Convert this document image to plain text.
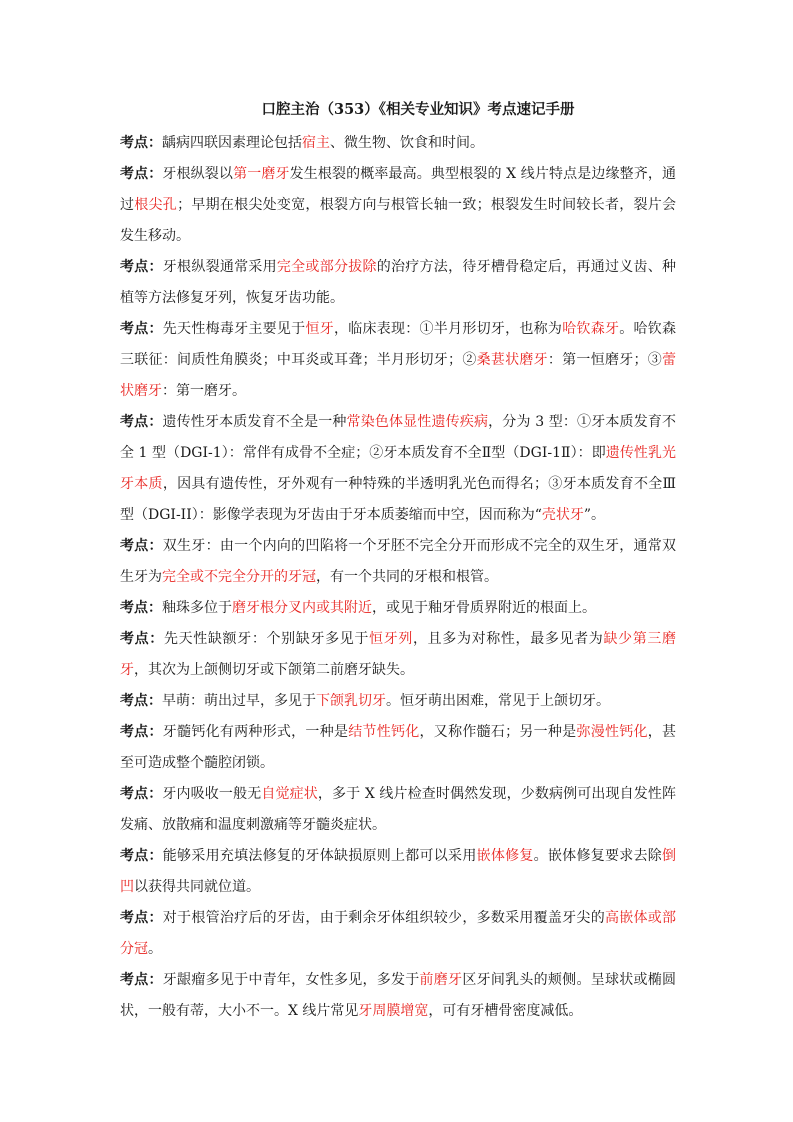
口腔主治（353）《相关专业知识》考点速记手册

考点：龋病四联因素理论包括宿主、微生物、饮食和时间。

考点：牙根纵裂以第一磨牙发生根裂的概率最高。典型根裂的 X 线片特点是边缘整齐，通过根尖孔；早期在根尖处变宽，根裂方向与根管长轴一致；根裂发生时间较长者，裂片会发生移动。

考点：牙根纵裂通常采用完全或部分拔除的治疗方法，待牙槽骨稳定后，再通过义齿、种植等方法修复牙列，恢复牙齿功能。

考点：先天性梅毒牙主要见于恒牙，临床表现：①半月形切牙，也称为哈钦森牙。哈钦森三联征：间质性角膜炎；中耳炎或耳聋；半月形切牙；②桑葚状磨牙：第一恒磨牙；③蕾状磨牙：第一磨牙。

考点：遗传性牙本质发育不全是一种常染色体显性遗传疾病，分为 3 型：①牙本质发育不全 1 型（DGI-1）：常伴有成骨不全症；②牙本质发育不全Ⅱ型（DGI-1Ⅱ）：即遗传性乳光牙本质，因具有遗传性，牙外观有一种特殊的半透明乳光色而得名；③牙本质发育不全Ⅲ型（DGI-II）：影像学表现为牙齿由于牙本质萎缩而中空，因而称为“壳状牙”。

考点：双生牙：由一个内向的凹陷将一个牙胚不完全分开而形成不完全的双生牙，通常双生牙为完全或不完全分开的牙冠，有一个共同的牙根和根管。

考点：釉珠多位于磨牙根分叉内或其附近，或见于釉牙骨质界附近的根面上。

考点：先天性缺额牙：个别缺牙多见于恒牙列，且多为对称性，最多见者为缺少第三磨牙，其次为上颌侧切牙或下颌第二前磨牙缺失。

考点：早萌：萌出过早，多见于下颌乳切牙。恒牙萌出困难，常见于上颌切牙。

考点：牙髓钙化有两种形式，一种是结节性钙化，又称作髓石；另一种是弥漫性钙化，甚至可造成整个髓腔闭锁。

考点：牙内吸收一般无自觉症状，多于 X 线片检查时偶然发现，少数病例可出现自发性阵发痛、放散痛和温度刺激痛等牙髓炎症状。

考点：能够采用充填法修复的牙体缺损原则上都可以采用嵌体修复。嵌体修复要求去除倒凹以获得共同就位道。

考点：对于根管治疗后的牙齿，由于剩余牙体组织较少，多数采用覆盖牙尖的高嵌体或部分冠。

考点：牙龈瘤多见于中青年，女性多见，多发于前磨牙区牙间乳头的颊侧。呈球状或椭圆状，一般有蒂，大小不一。X 线片常见牙周膜增宽，可有牙槽骨密度减低。
